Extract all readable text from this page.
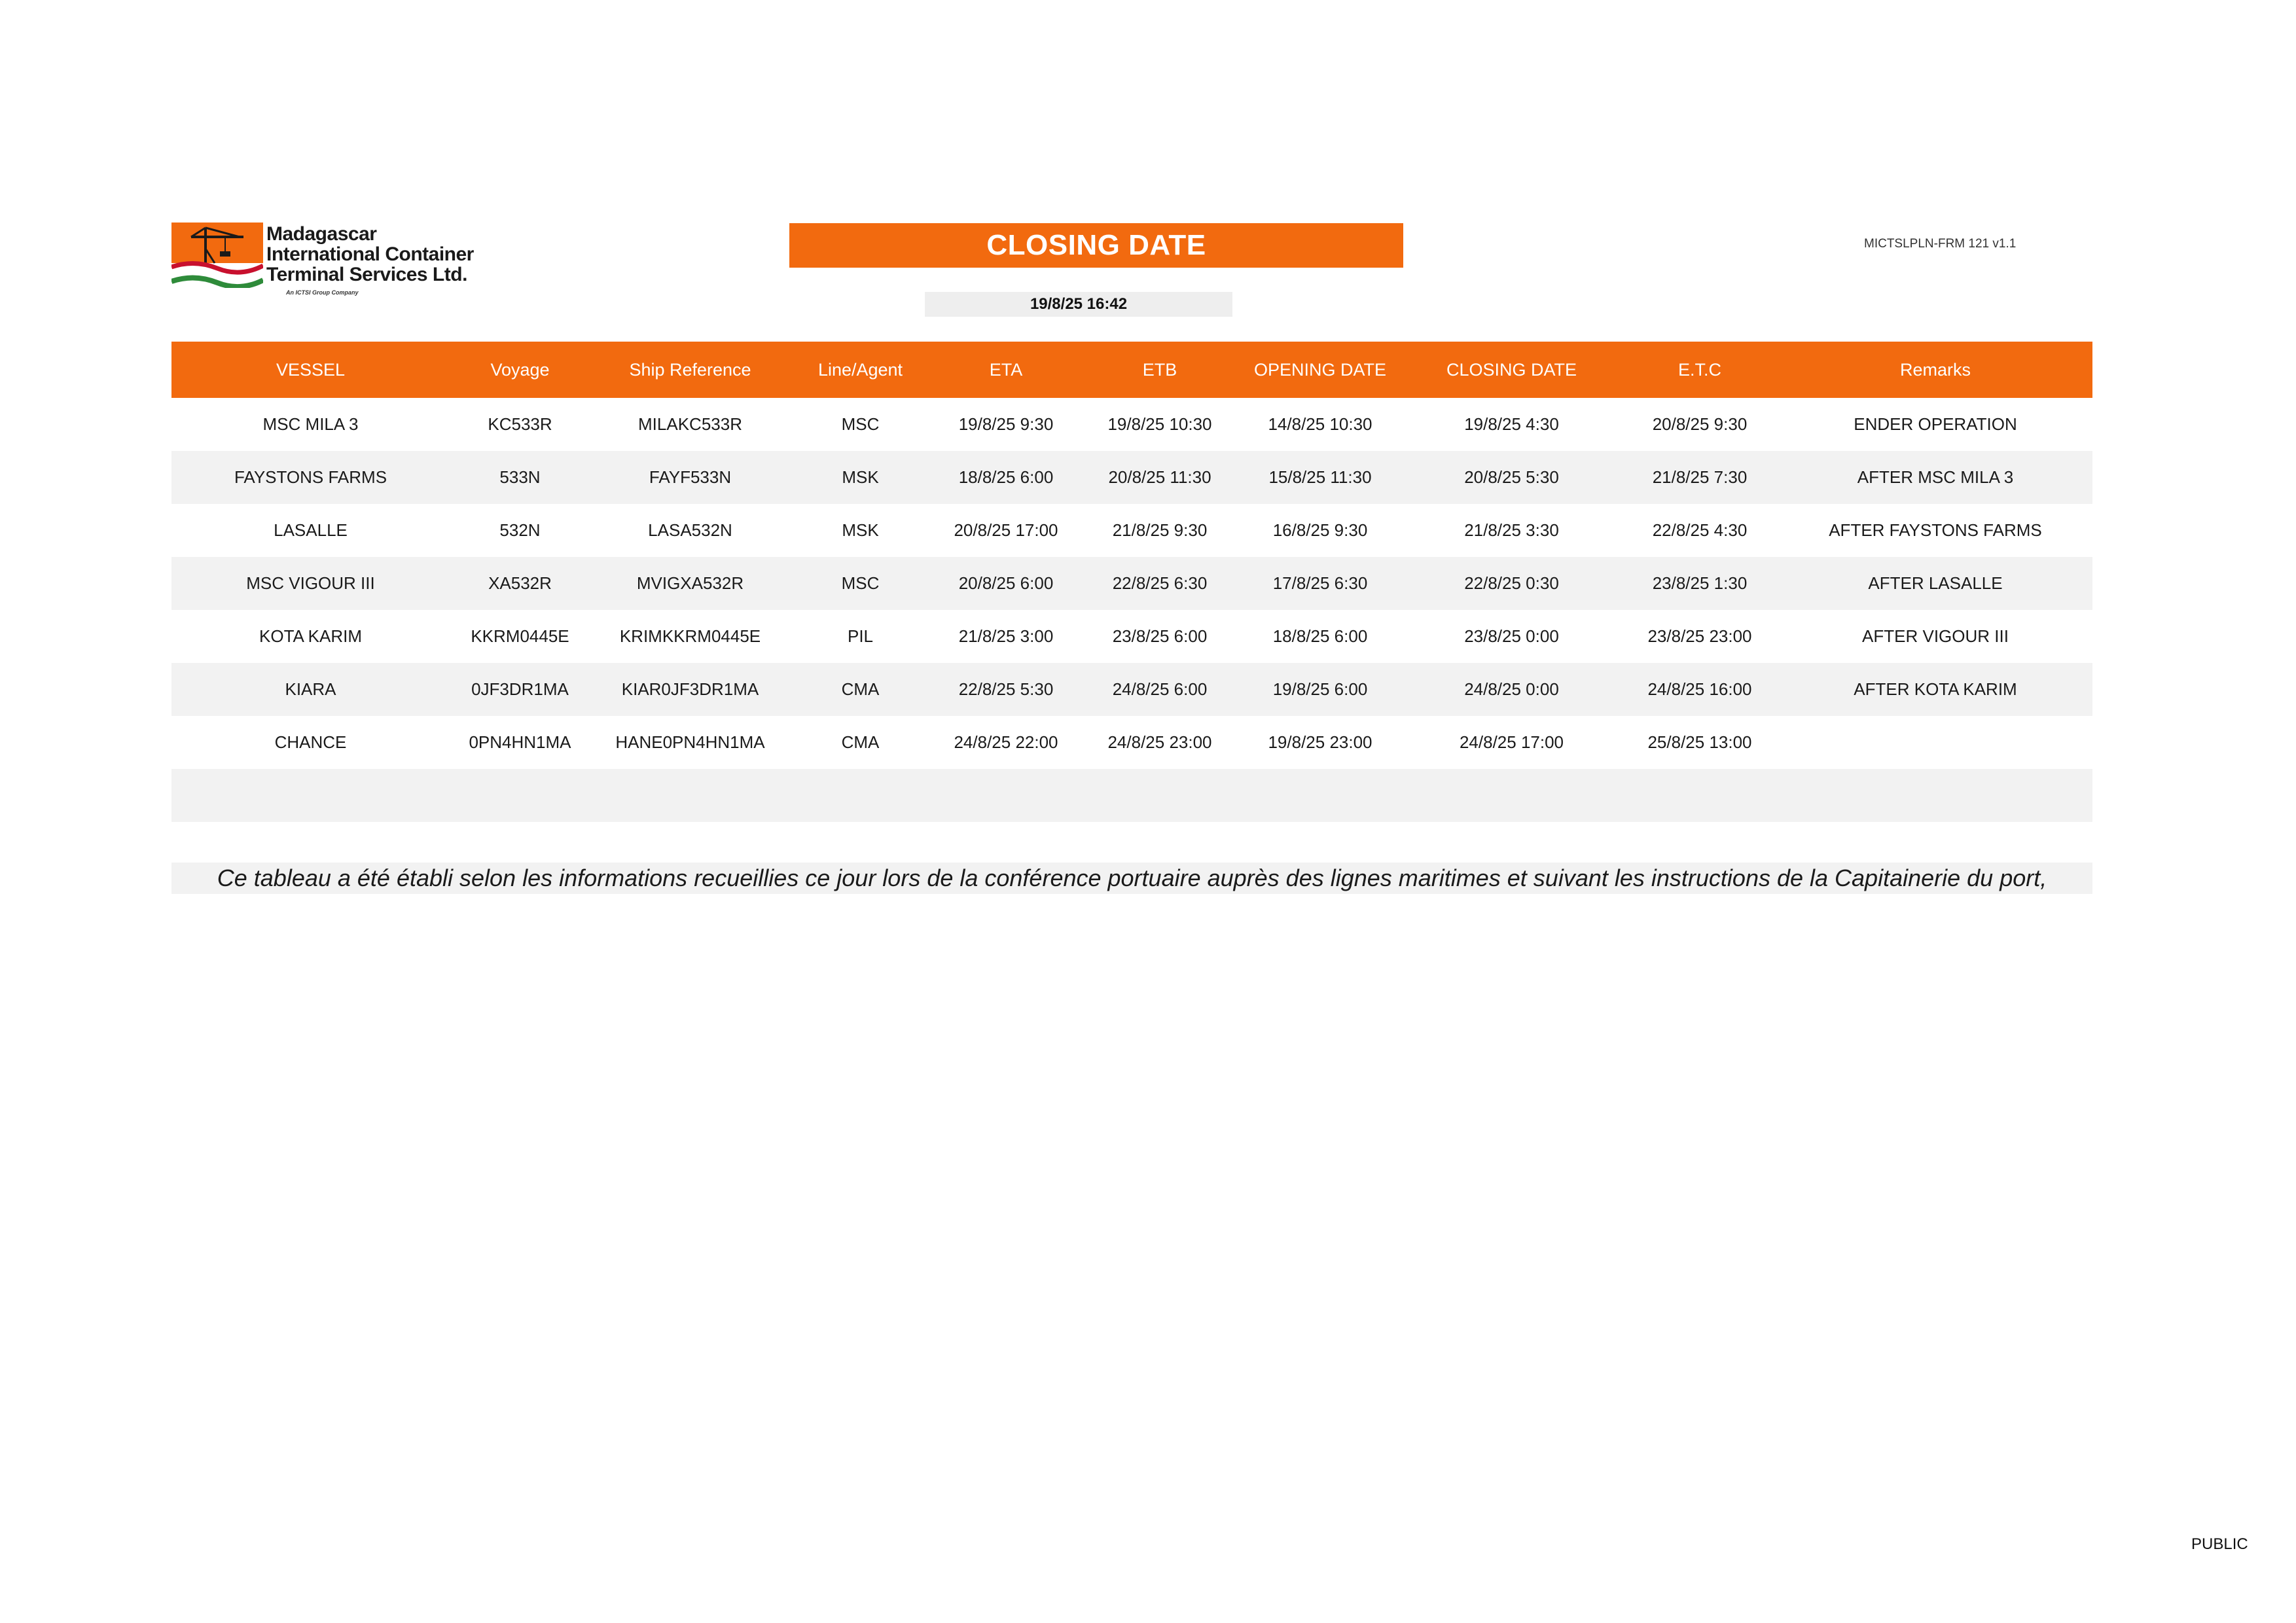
Madagascar
International Container
Terminal Services Ltd.
An ICTSI Group Company
CLOSING DATE	MICTSLPLN-FRM 121 v1.1
19/8/25 16:42
VESSEL	Voyage	Ship Reference	Line/Agent	ETA	ETB	OPENING DATE	CLOSING DATE	E.T.C	Remarks
MSC MILA 3	KC533R	MILAKC533R	MSC	19/8/25 9:30	19/8/25 10:30	14/8/25 10:30	19/8/25 4:30	20/8/25 9:30	ENDER OPERATION
FAYSTONS FARMS	533N	FAYF533N	MSK	18/8/25 6:00	20/8/25 11:30	15/8/25 11:30	20/8/25 5:30	21/8/25 7:30	AFTER MSC MILA 3
LASALLE	532N	LASA532N	MSK	20/8/25 17:00	21/8/25 9:30	16/8/25 9:30	21/8/25 3:30	22/8/25 4:30	AFTER FAYSTONS FARMS
MSC VIGOUR III	XA532R	MVIGXA532R	MSC	20/8/25 6:00	22/8/25 6:30	17/8/25 6:30	22/8/25 0:30	23/8/25 1:30	AFTER LASALLE
KOTA KARIM	KKRM0445E	KRIMKKRM0445E	PIL	21/8/25 3:00	23/8/25 6:00	18/8/25 6:00	23/8/25 0:00	23/8/25 23:00	AFTER VIGOUR III
KIARA	0JF3DR1MA	KIAR0JF3DR1MA	CMA	22/8/25 5:30	24/8/25 6:00	19/8/25 6:00	24/8/25 0:00	24/8/25 16:00	AFTER KOTA KARIM
CHANCE	0PN4HN1MA	HANE0PN4HN1MA	CMA	24/8/25 22:00	24/8/25 23:00	19/8/25 23:00	24/8/25 17:00	25/8/25 13:00	

Ce tableau a été établi selon les informations recueillies ce jour lors de la conférence portuaire auprès des lignes maritimes et suivant les instructions de la Capitainerie du port,
PUBLIC
